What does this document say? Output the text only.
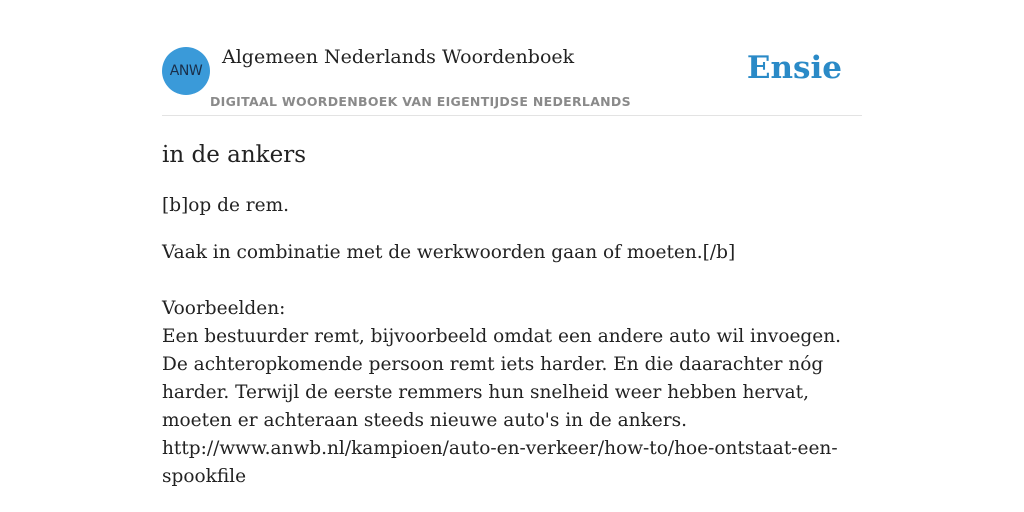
ANW
Algemeen Nederlands Woordenboek
DIGITAAL WOORDENBOEK VAN EIGENTIJDSE NEDERLANDS
Ensie
in de ankers

[b]op de rem.

Vaak in combinatie met de werkwoorden gaan of moeten.[/b]

Voorbeelden:
Een bestuurder remt, bijvoorbeeld omdat een andere auto wil invoegen. De achteropkomende persoon remt iets harder. En die daarachter nóg harder. Terwijl de eerste remmers hun snelheid weer hebben hervat, moeten er achteraan steeds nieuwe auto's in de ankers.
http://www.anwb.nl/kampioen/auto-en-verkeer/how-to/hoe-ontstaat-een-spookfile
